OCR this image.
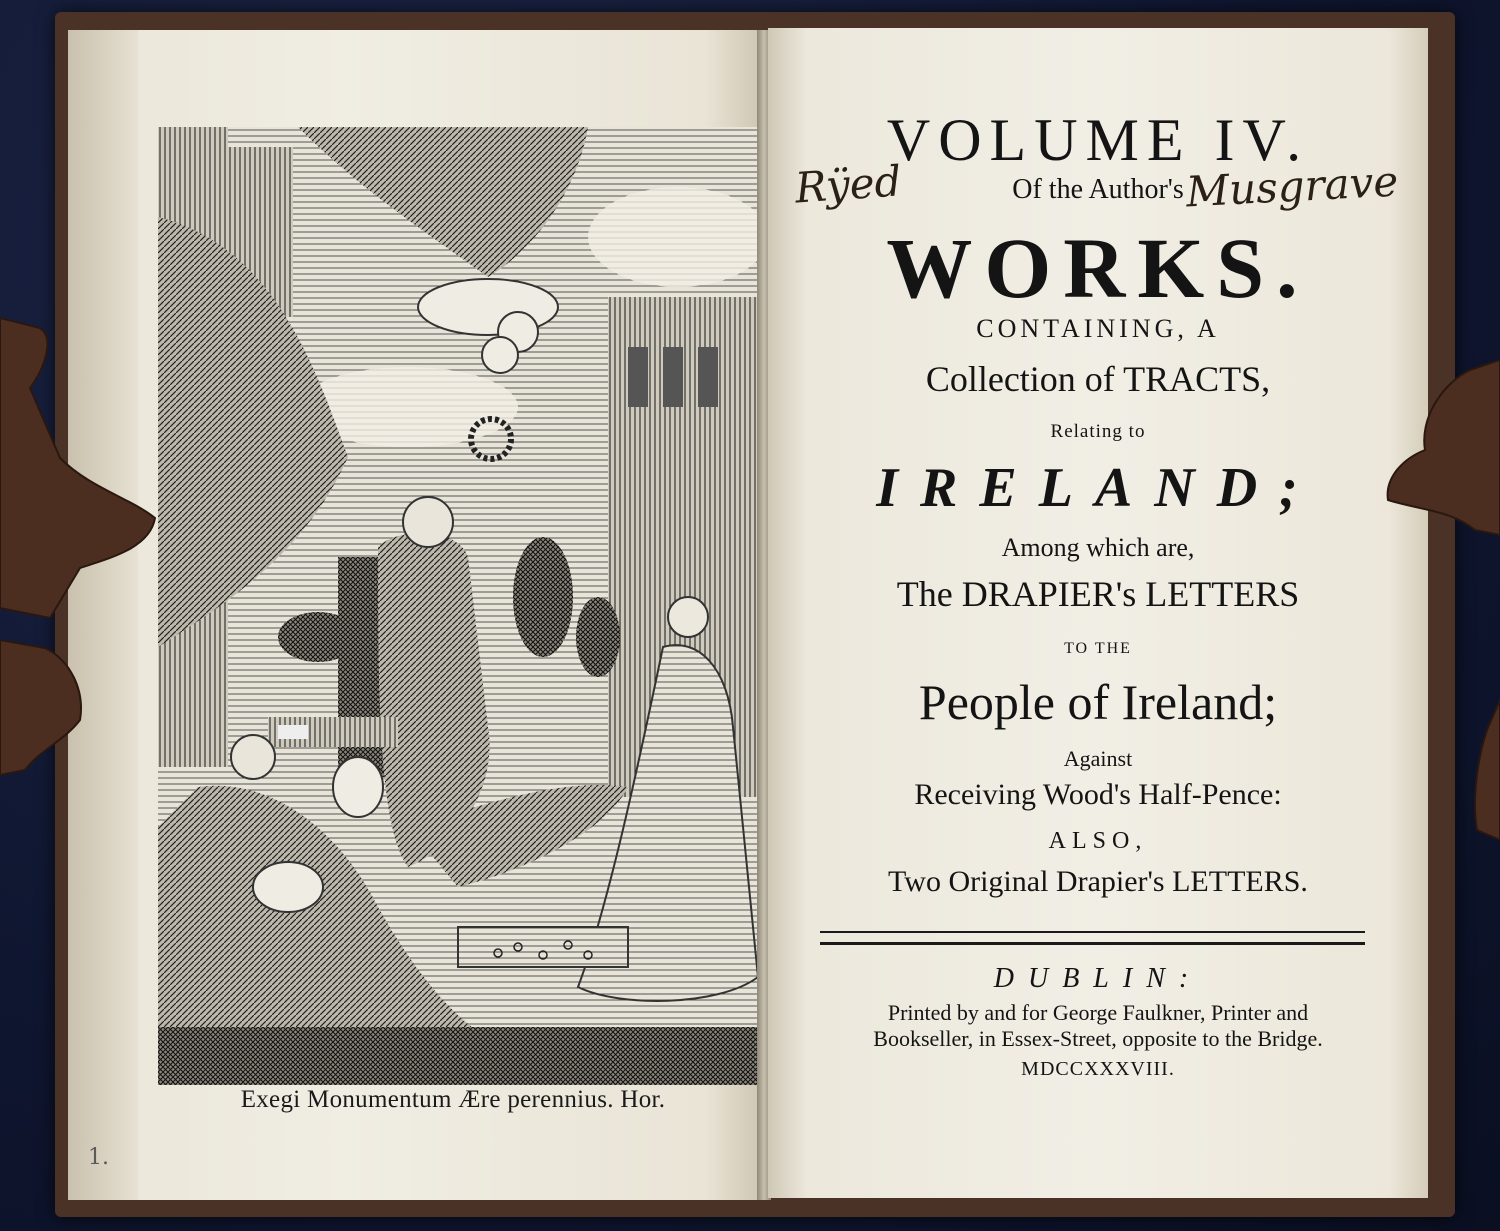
Exegi Monumentum Ære perennius. Hor.
1.
VOLUME IV.
Of the Author's
WORKS.
CONTAINING, A
Collection of TRACTS,
Relating to
IRELAND;
Among which are,
The DRAPIER's LETTERS
TO THE
People of Ireland;
Against
Receiving Wood's Half-Pence:
ALSO,
Two Original Drapier's LETTERS.
DUBLIN:
Printed by and for George Faulkner, Printer and
Bookseller, in Essex-Street, opposite to the Bridge.
MDCCXXXVIII.
Rÿed	Musgrave
